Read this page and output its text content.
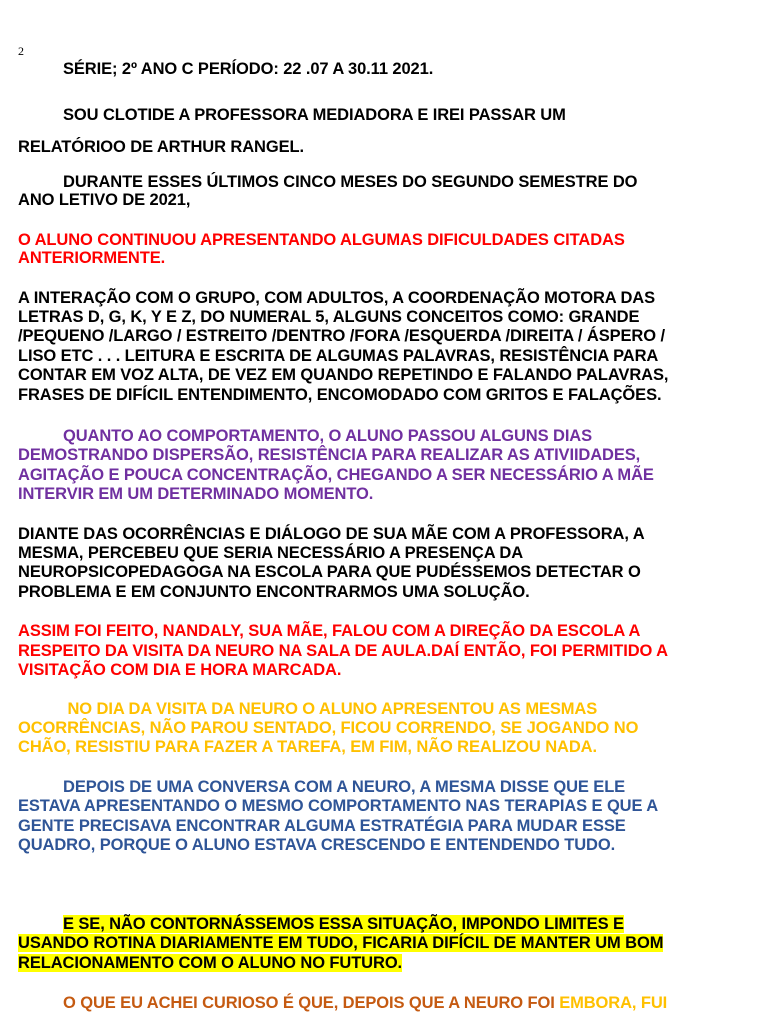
2
SÉRIE; 2º ANO C PERÍODO: 22 .07 A 30.11 2021.
SOU CLOTIDE A PROFESSORA MEDIADORA E IREI PASSAR UM
RELATÓRIOO DE ARTHUR RANGEL.
DURANTE ESSES ÚLTIMOS CINCO MESES DO SEGUNDO SEMESTRE DO
ANO LETIVO DE 2021,
O ALUNO CONTINUOU APRESENTANDO ALGUMAS DIFICULDADES CITADAS
ANTERIORMENTE.
A INTERAÇÃO COM O GRUPO, COM ADULTOS, A COORDENAÇÃO MOTORA DAS
LETRAS D, G, K, Y E Z, DO NUMERAL 5, ALGUNS CONCEITOS COMO: GRANDE
/PEQUENO /LARGO / ESTREITO /DENTRO /FORA /ESQUERDA /DIREITA / ÁSPERO /
LISO ETC . . . LEITURA E ESCRITA DE ALGUMAS PALAVRAS, RESISTÊNCIA PARA
CONTAR EM VOZ ALTA, DE VEZ EM QUANDO REPETINDO E FALANDO PALAVRAS,
FRASES DE DIFÍCIL ENTENDIMENTO, ENCOMODADO COM GRITOS E FALAÇÕES.
QUANTO AO COMPORTAMENTO, O ALUNO PASSOU ALGUNS DIAS
DEMOSTRANDO DISPERSÃO, RESISTÊNCIA PARA REALIZAR AS ATIVIIDADES,
AGITAÇÃO E POUCA CONCENTRAÇÃO, CHEGANDO A SER NECESSÁRIO A MÃE
INTERVIR EM UM DETERMINADO MOMENTO.
DIANTE DAS OCORRÊNCIAS E DIÁLOGO DE SUA MÃE COM A PROFESSORA, A
MESMA, PERCEBEU QUE SERIA NECESSÁRIO A PRESENÇA DA
NEUROPSICOPEDAGOGA NA ESCOLA PARA QUE PUDÉSSEMOS DETECTAR O
PROBLEMA E EM CONJUNTO ENCONTRARMOS UMA SOLUÇÃO.
ASSIM FOI FEITO, NANDALY, SUA MÃE, FALOU COM A DIREÇÃO DA ESCOLA A
RESPEITO DA VISITA DA NEURO NA SALA DE AULA.DAÍ ENTÃO, FOI PERMITIDO A
VISITAÇÃO COM DIA E HORA MARCADA.
NO DIA DA VISITA DA NEURO O ALUNO APRESENTOU AS MESMAS
OCORRÊNCIAS, NÃO PAROU SENTADO, FICOU CORRENDO, SE JOGANDO NO
CHÃO, RESISTIU PARA FAZER A TAREFA, EM FIM, NÃO REALIZOU NADA.
DEPOIS DE UMA CONVERSA COM A NEURO, A MESMA DISSE QUE ELE
ESTAVA APRESENTANDO O MESMO COMPORTAMENTO NAS TERAPIAS E QUE A
GENTE PRECISAVA ENCONTRAR ALGUMA ESTRATÉGIA PARA MUDAR ESSE
QUADRO, PORQUE O ALUNO ESTAVA CRESCENDO E ENTENDENDO TUDO.
E SE, NÃO CONTORNÁSSEMOS ESSA SITUAÇÃO, IMPONDO LIMITES E
USANDO ROTINA DIARIAMENTE EM TUDO, FICARIA DIFÍCIL DE MANTER UM BOM
RELACIONAMENTO COM O ALUNO NO FUTURO.
O QUE EU ACHEI CURIOSO É QUE, DEPOIS QUE A NEURO FOI EMBORA, FUI
